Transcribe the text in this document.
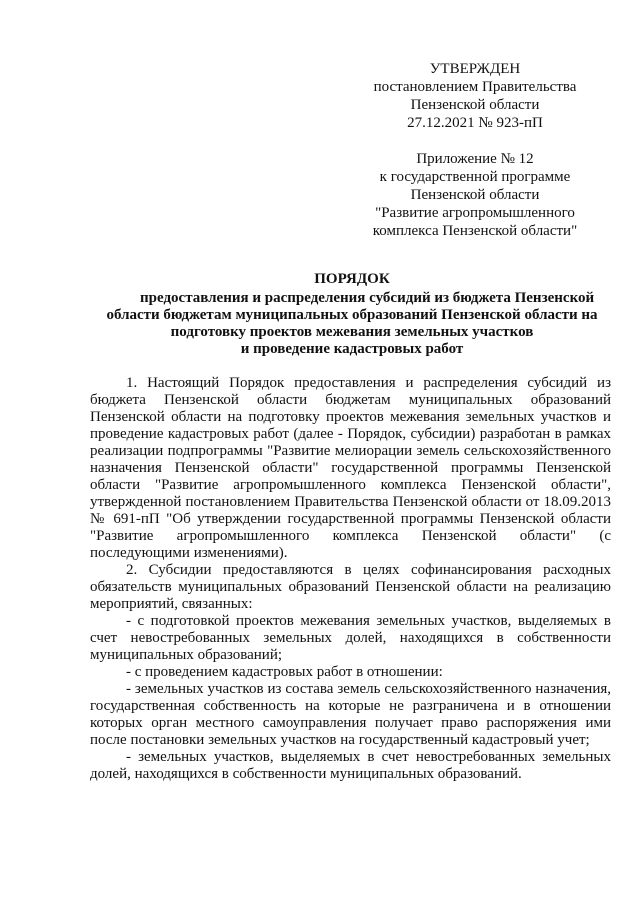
УТВЕРЖДЕН
постановлением Правительства
Пензенской области
27.12.2021 № 923-пП
Приложение № 12
к государственной программе
Пензенской области
"Развитие агропромышленного
комплекса Пензенской области"
ПОРЯДОК
предоставления и распределения субсидий из бюджета Пензенской
области бюджетам муниципальных образований Пензенской области на
подготовку проектов межевания земельных участков
и проведение кадастровых работ

1. Настоящий Порядок предоставления и распределения субсидий из бюджета Пензенской области бюджетам муниципальных образований Пензенской области на подготовку проектов межевания земельных участков и проведение кадастровых работ (далее - Порядок, субсидии) разработан в рамках реализации подпрограммы "Развитие мелиорации земель сельскохозяйственного назначения Пензенской области" государственной программы Пензенской области "Развитие агропромышленного комплекса Пензенской области", утвержденной постановлением Правительства Пензенской области от 18.09.2013 № 691-пП "Об утверждении государственной программы Пензенской области "Развитие агропромышленного комплекса Пензенской области" (с последующими изменениями).

2. Субсидии предоставляются в целях софинансирования расходных обязательств муниципальных образований Пензенской области на реализацию мероприятий, связанных:

- с подготовкой проектов межевания земельных участков, выделяемых в счет невостребованных земельных долей, находящихся в собственности муниципальных образований;

- с проведением кадастровых работ в отношении:

- земельных участков из состава земель сельскохозяйственного назначения, государственная собственность на которые не разграничена и в отношении которых орган местного самоуправления получает право распоряжения ими после постановки земельных участков на государственный кадастровый учет;

- земельных участков, выделяемых в счет невостребованных земельных долей, находящихся в собственности муниципальных образований.
